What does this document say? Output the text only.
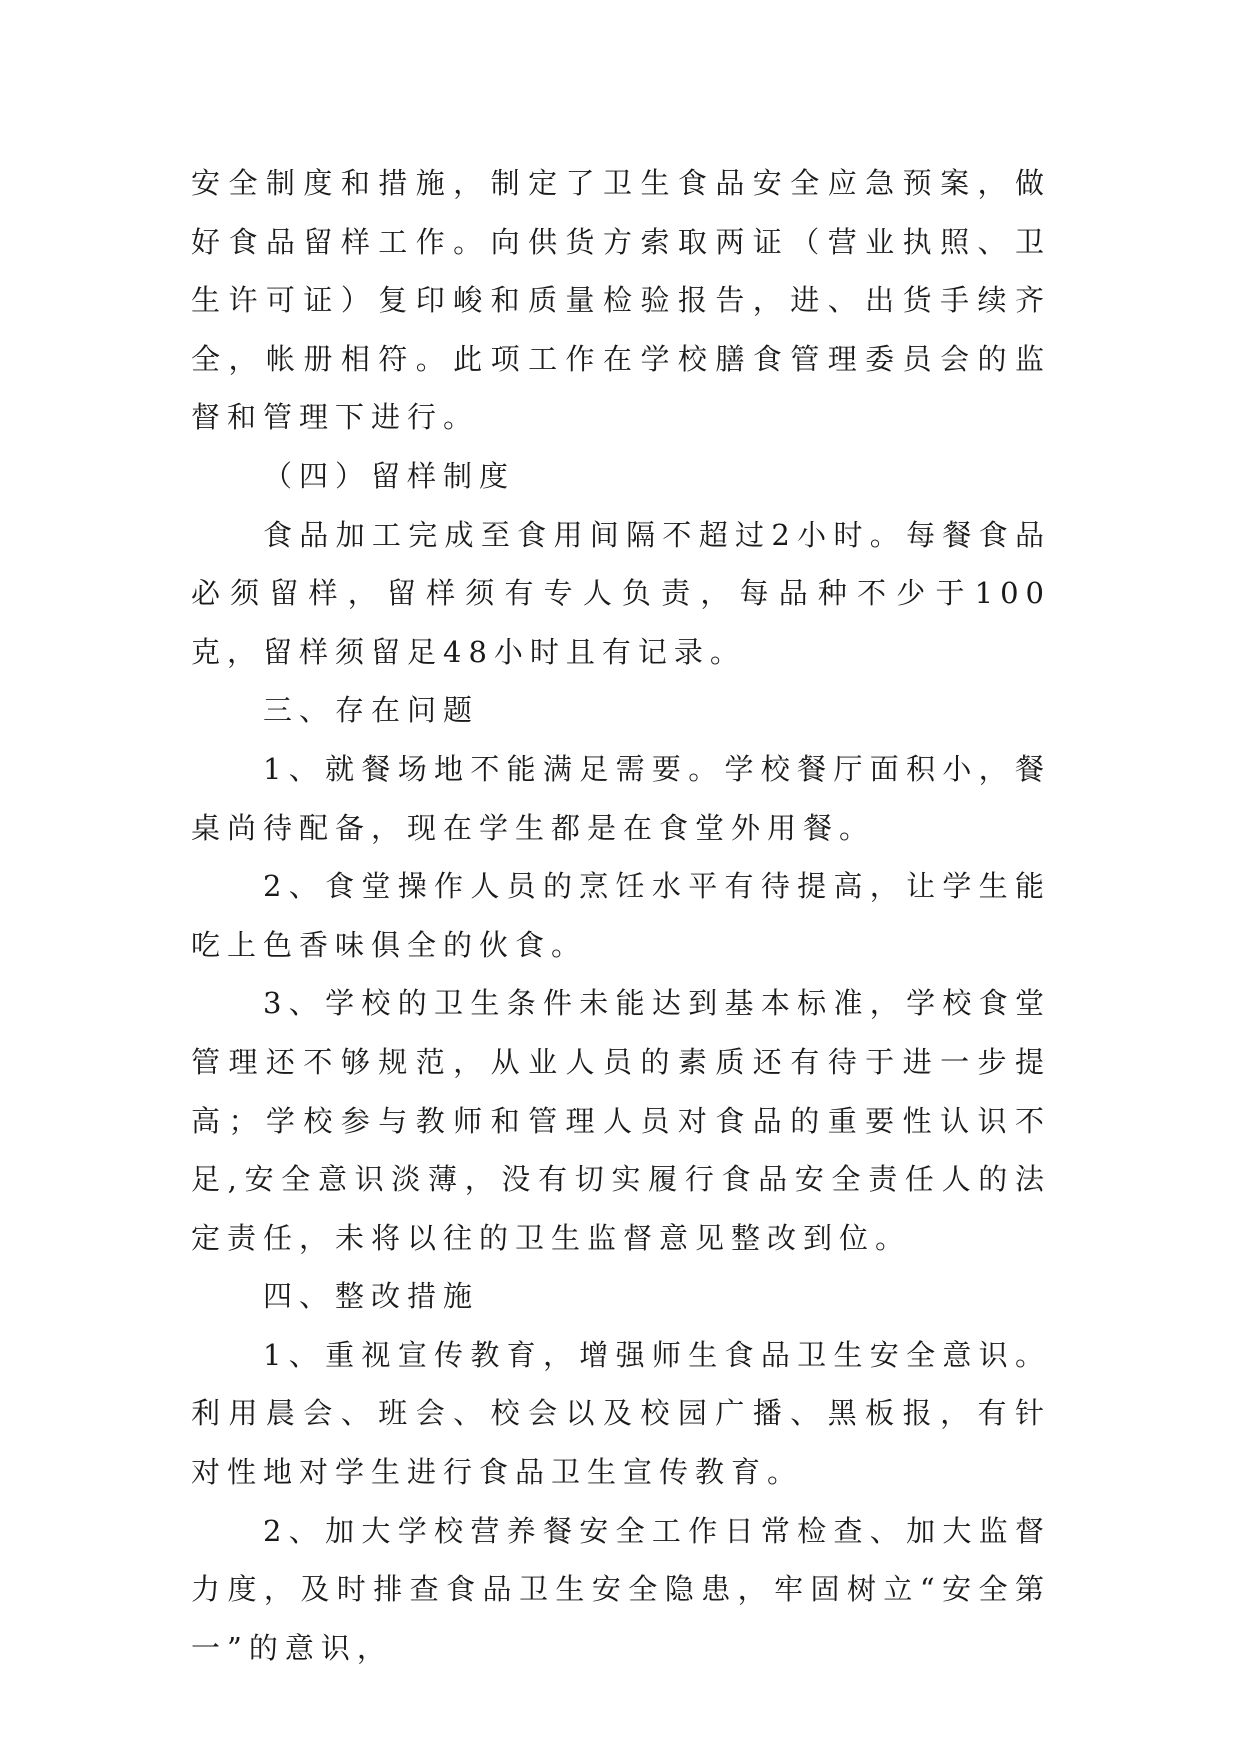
安全制度和措施，制定了卫生食品安全应急预案，做好食品留样工作。向供货方索取两证（营业执照、卫生许可证）复印峻和质量检验报告，进、出货手续齐全，帐册相符。此项工作在学校膳食管理委员会的监督和管理下进行。

（四）留样制度

食品加工完成至食用间隔不超过2小时。每餐食品必须留样，留样须有专人负责，每品种不少于100克，留样须留足48小时且有记录。

三、存在问题

1、就餐场地不能满足需要。学校餐厅面积小，餐桌尚待配备，现在学生都是在食堂外用餐。

2、食堂操作人员的烹饪水平有待提高，让学生能吃上色香味俱全的伙食。

3、学校的卫生条件未能达到基本标准，学校食堂管理还不够规范，从业人员的素质还有待于进一步提高；学校参与教师和管理人员对食品的重要性认识不足,安全意识淡薄，没有切实履行食品安全责任人的法定责任，未将以往的卫生监督意见整改到位。

四、整改措施

1、重视宣传教育，增强师生食品卫生安全意识。利用晨会、班会、校会以及校园广播、黑板报，有针对性地对学生进行食品卫生宣传教育。

2、加大学校营养餐安全工作日常检查、加大监督力度，及时排查食品卫生安全隐患，牢固树立“安全第一”的意识，
